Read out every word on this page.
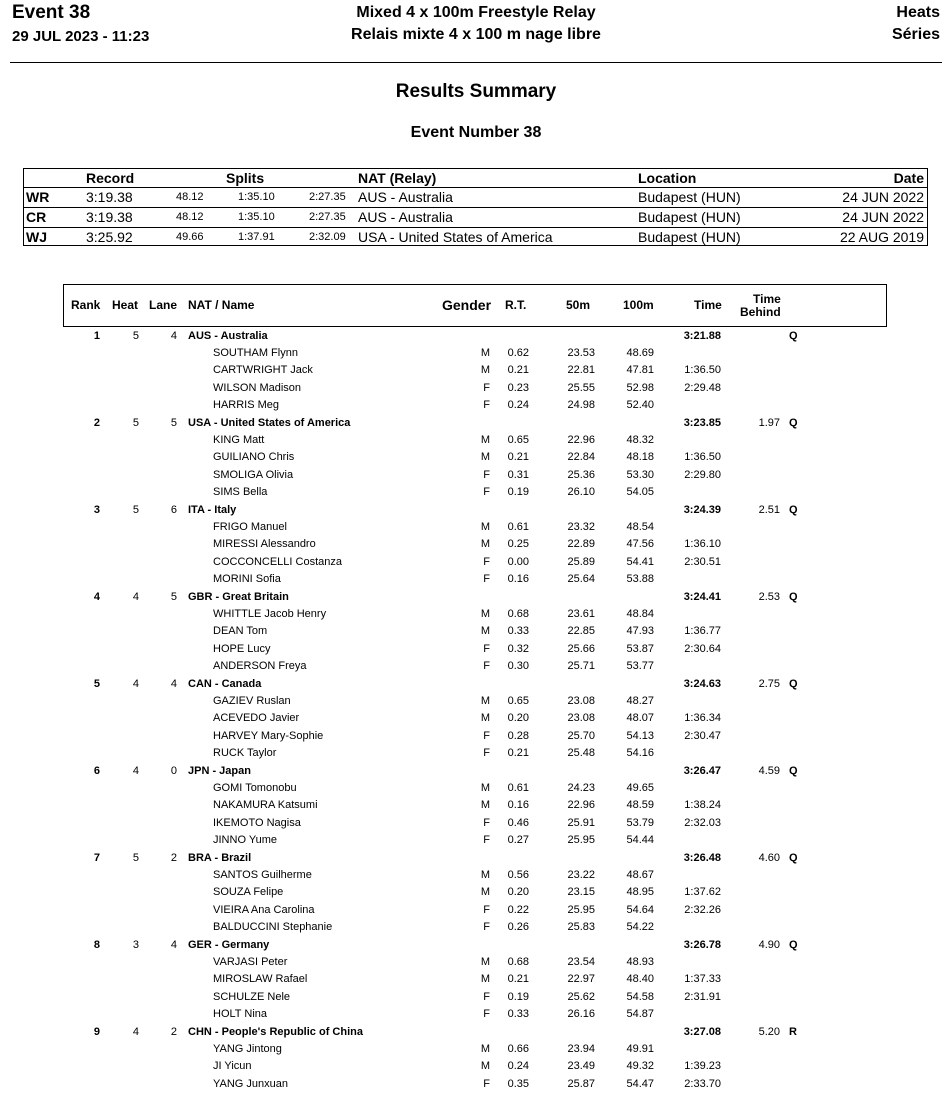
Event 38
29 JUL 2023 - 11:23
Mixed 4 x 100m Freestyle Relay
Relais mixte 4 x 100 m nage libre
Heats
Séries
Results Summary
Event Number 38
Record	Splits	NAT (Relay)	Location	Date
WR	3:19.38	48.12	1:35.10	2:27.35 AUS - Australia	Budapest (HUN)	24 JUN 2022
CR	3:19.38	48.12	1:35.10	2:27.35 AUS - Australia	Budapest (HUN)	24 JUN 2022
WJ	3:25.92	49.66	1:37.91	2:32.09 USA - United States of America	Budapest (HUN)	22 AUG 2019
Rank Heat Lane NAT / Name	Gender R.T.	50m	100m	Time	Time
Behind
1	5	4 AUS - Australia	3:21.88	Q
SOUTHAM Flynn	M 0.62	23.53	48.69
CARTWRIGHT Jack	M 0.21	22.81	47.81	1:36.50
WILSON Madison	F 0.23	25.55	52.98	2:29.48
HARRIS Meg	F 0.24	24.98	52.40
2	5	5 USA - United States of America	3:23.85	1.97 Q
KING Matt	M 0.65	22.96	48.32
GUILIANO Chris	M 0.21	22.84	48.18	1:36.50
SMOLIGA Olivia	F 0.31	25.36	53.30	2:29.80
SIMS Bella	F 0.19	26.10	54.05
3	5	6 ITA - Italy	3:24.39	2.51 Q
FRIGO Manuel	M 0.61	23.32	48.54
MIRESSI Alessandro	M 0.25	22.89	47.56	1:36.10
COCCONCELLI Costanza	F 0.00	25.89	54.41	2:30.51
MORINI Sofia	F 0.16	25.64	53.88
4	4	5 GBR - Great Britain	3:24.41	2.53 Q
WHITTLE Jacob Henry	M 0.68	23.61	48.84
DEAN Tom	M 0.33	22.85	47.93	1:36.77
HOPE Lucy	F 0.32	25.66	53.87	2:30.64
ANDERSON Freya	F 0.30	25.71	53.77
5	4	4 CAN - Canada	3:24.63	2.75 Q
GAZIEV Ruslan	M 0.65	23.08	48.27
ACEVEDO Javier	M 0.20	23.08	48.07	1:36.34
HARVEY Mary-Sophie	F 0.28	25.70	54.13	2:30.47
RUCK Taylor	F 0.21	25.48	54.16
6	4	0 JPN - Japan	3:26.47	4.59 Q
GOMI Tomonobu	M 0.61	24.23	49.65
NAKAMURA Katsumi	M 0.16	22.96	48.59	1:38.24
IKEMOTO Nagisa	F 0.46	25.91	53.79	2:32.03
JINNO Yume	F 0.27	25.95	54.44
7	5	2 BRA - Brazil	3:26.48	4.60 Q
SANTOS Guilherme	M 0.56	23.22	48.67
SOUZA Felipe	M 0.20	23.15	48.95	1:37.62
VIEIRA Ana Carolina	F 0.22	25.95	54.64	2:32.26
BALDUCCINI Stephanie	F 0.26	25.83	54.22
8	3	4 GER - Germany	3:26.78	4.90 Q
VARJASI Peter	M 0.68	23.54	48.93
MIROSLAW Rafael	M 0.21	22.97	48.40	1:37.33
SCHULZE Nele	F 0.19	25.62	54.58	2:31.91
HOLT Nina	F 0.33	26.16	54.87
9	4	2 CHN - People's Republic of China	3:27.08	5.20 R
YANG Jintong	M 0.66	23.94	49.91
JI Yicun	M 0.24	23.49	49.32	1:39.23
YANG Junxuan	F 0.35	25.87	54.47	2:33.70
